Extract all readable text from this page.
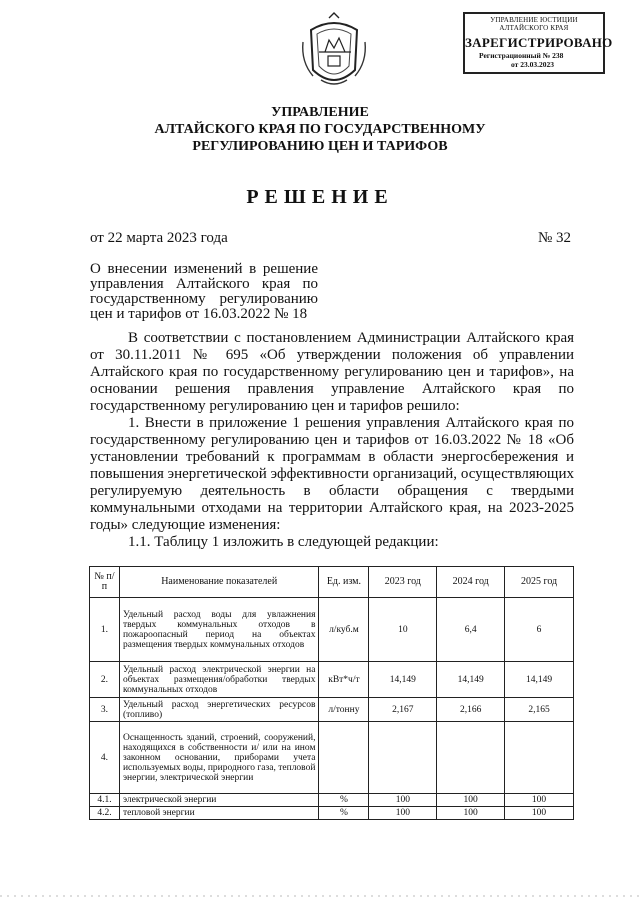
УПРАВЛЕНИЕ ЮСТИЦИИ
АЛТАЙСКОГО КРАЯ
ЗАРЕГИСТРИРОВАНО
Регистрационный № 238
от 23.03.2023
УПРАВЛЕНИЕ
АЛТАЙСКОГО КРАЯ ПО ГОСУДАРСТВЕННОМУ
РЕГУЛИРОВАНИЮ ЦЕН И ТАРИФОВ
РЕШЕНИЕ
от 22 марта 2023 года	№ 32
О внесении изменений в решение управления Алтайского края по государственному регулированию цен и тарифов от 16.03.2022 № 18

В соответствии с постановлением Администрации Алтайского края от 30.11.2011 № 695 «Об утверждении положения об управлении Алтайского края по государственному регулированию цен и тарифов», на основании решения правления управление Алтайского края по государственному регулированию цен и тарифов решило:

1. Внести в приложение 1 решения управления Алтайского края по государственному регулированию цен и тарифов от 16.03.2022 № 18 «Об установлении требований к программам в области энергосбережения и повышения энергетической эффективности организаций, осуществляющих регулируемую деятельность в области обращения с твердыми коммунальными отходами на территории Алтайского края, на 2023-2025 годы» следующие изменения:

1.1. Таблицу 1 изложить в следующей редакции:

№ п/п	Наименование показателей	Ед. изм.	2023 год	2024 год	2025 год
1.	Удельный расход воды для увлажнения твердых коммунальных отходов в пожароопасный период на объектах размещения твердых коммунальных отходов	л/куб.м	10	6,4	6
2.	Удельный расход электрической энергии на объектах размещения/обработки твердых коммунальных отходов	кВт*ч/т	14,149	14,149	14,149
3.	Удельный расход энергетических ресурсов (топливо)	л/тонну	2,167	2,166	2,165
4.	Оснащенность зданий, строений, сооружений, находящихся в собственности и/ или на ином законном основании, приборами учета используемых воды, природного газа, тепловой энергии, электрической энергии				
4.1.	электрической энергии	%	100	100	100
4.2.	тепловой энергии	%	100	100	100
